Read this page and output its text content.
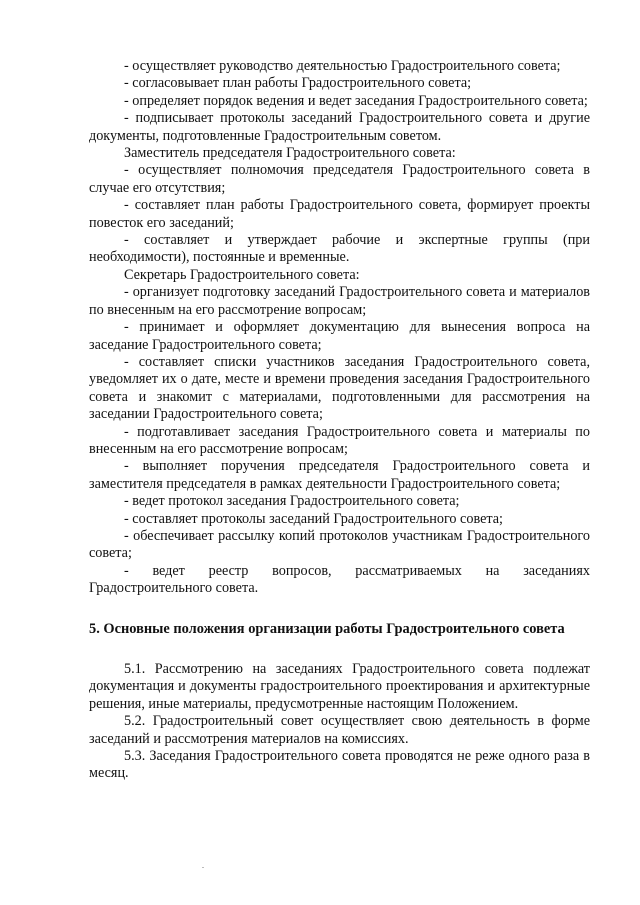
- осуществляет руководство деятельностью Градостроительного совета;

- согласовывает план работы Градостроительного совета;

- определяет порядок ведения и ведет заседания Градостроительного совета;

- подписывает протоколы заседаний Градостроительного совета и другие документы, подготовленные Градостроительным советом.

Заместитель председателя Градостроительного совета:

- осуществляет полномочия председателя Градостроительного совета в случае его отсутствия;

- составляет план работы Градостроительного совета, формирует проекты повесток его заседаний;

- составляет и утверждает рабочие и экспертные группы (при необходимости), постоянные и временные.

Секретарь Градостроительного совета:

- организует подготовку заседаний Градостроительного совета и материалов по внесенным на его рассмотрение вопросам;

- принимает и оформляет документацию для вынесения вопроса на заседание Градостроительного совета;

- составляет списки участников заседания Градостроительного совета, уведомляет их о дате, месте и времени проведения заседания Градостроительного совета и знакомит с материалами, подготовленными для рассмотрения на заседании Градостроительного совета;

- подготавливает заседания Градостроительного совета и материалы по внесенным на его рассмотрение вопросам;

- выполняет поручения председателя Градостроительного совета и заместителя председателя в рамках деятельности Градостроительного совета;

- ведет протокол заседания Градостроительного совета;

- составляет протоколы заседаний Градостроительного совета;

- обеспечивает рассылку копий протоколов участникам Градостроительного совета;

- ведет реестр вопросов, рассматриваемых на заседаниях Градостроительного совета.

5. Основные положения организации работы Градостроительного совета

5.1. Рассмотрению на заседаниях Градостроительного совета подлежат документация и документы градостроительного проектирования и архитектурные решения, иные материалы, предусмотренные настоящим Положением.

5.2. Градостроительный совет осуществляет свою деятельность в форме заседаний и рассмотрения материалов на комиссиях.

5.3. Заседания Градостроительного совета проводятся не реже одного раза в месяц.
